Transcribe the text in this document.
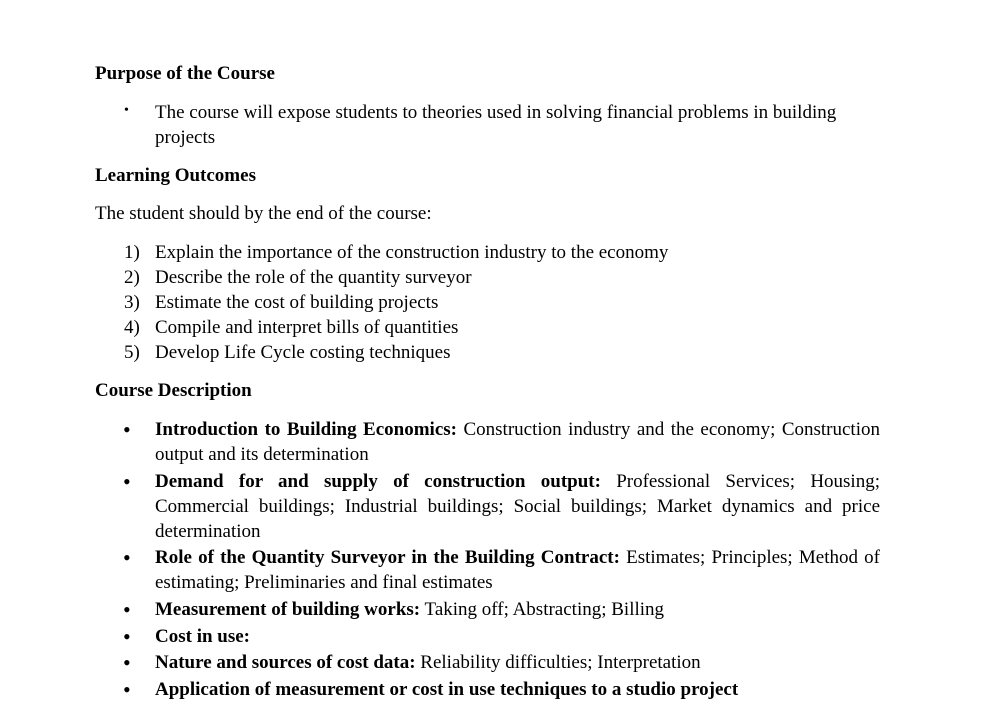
Purpose of the Course
• The course will expose students to theories used in solving financial problems in building
projects
Learning Outcomes
The student should by the end of the course:
1) Explain the importance of the construction industry to the economy
2) Describe the role of the quantity surveyor
3) Estimate the cost of building projects
4) Compile and interpret bills of quantities
5) Develop Life Cycle costing techniques
Course Description
• Introduction to Building Economics: Construction industry and the economy; Construction output and its determination
• Demand for and supply of construction output: Professional Services; Housing; Commercial buildings; Industrial buildings; Social buildings; Market dynamics and price determination
• Role of the Quantity Surveyor in the Building Contract: Estimates; Principles; Method of estimating; Preliminaries and final estimates
• Measurement of building works: Taking off; Abstracting; Billing
• Cost in use:
• Nature and sources of cost data: Reliability difficulties; Interpretation
• Application of measurement or cost in use techniques to a studio project
